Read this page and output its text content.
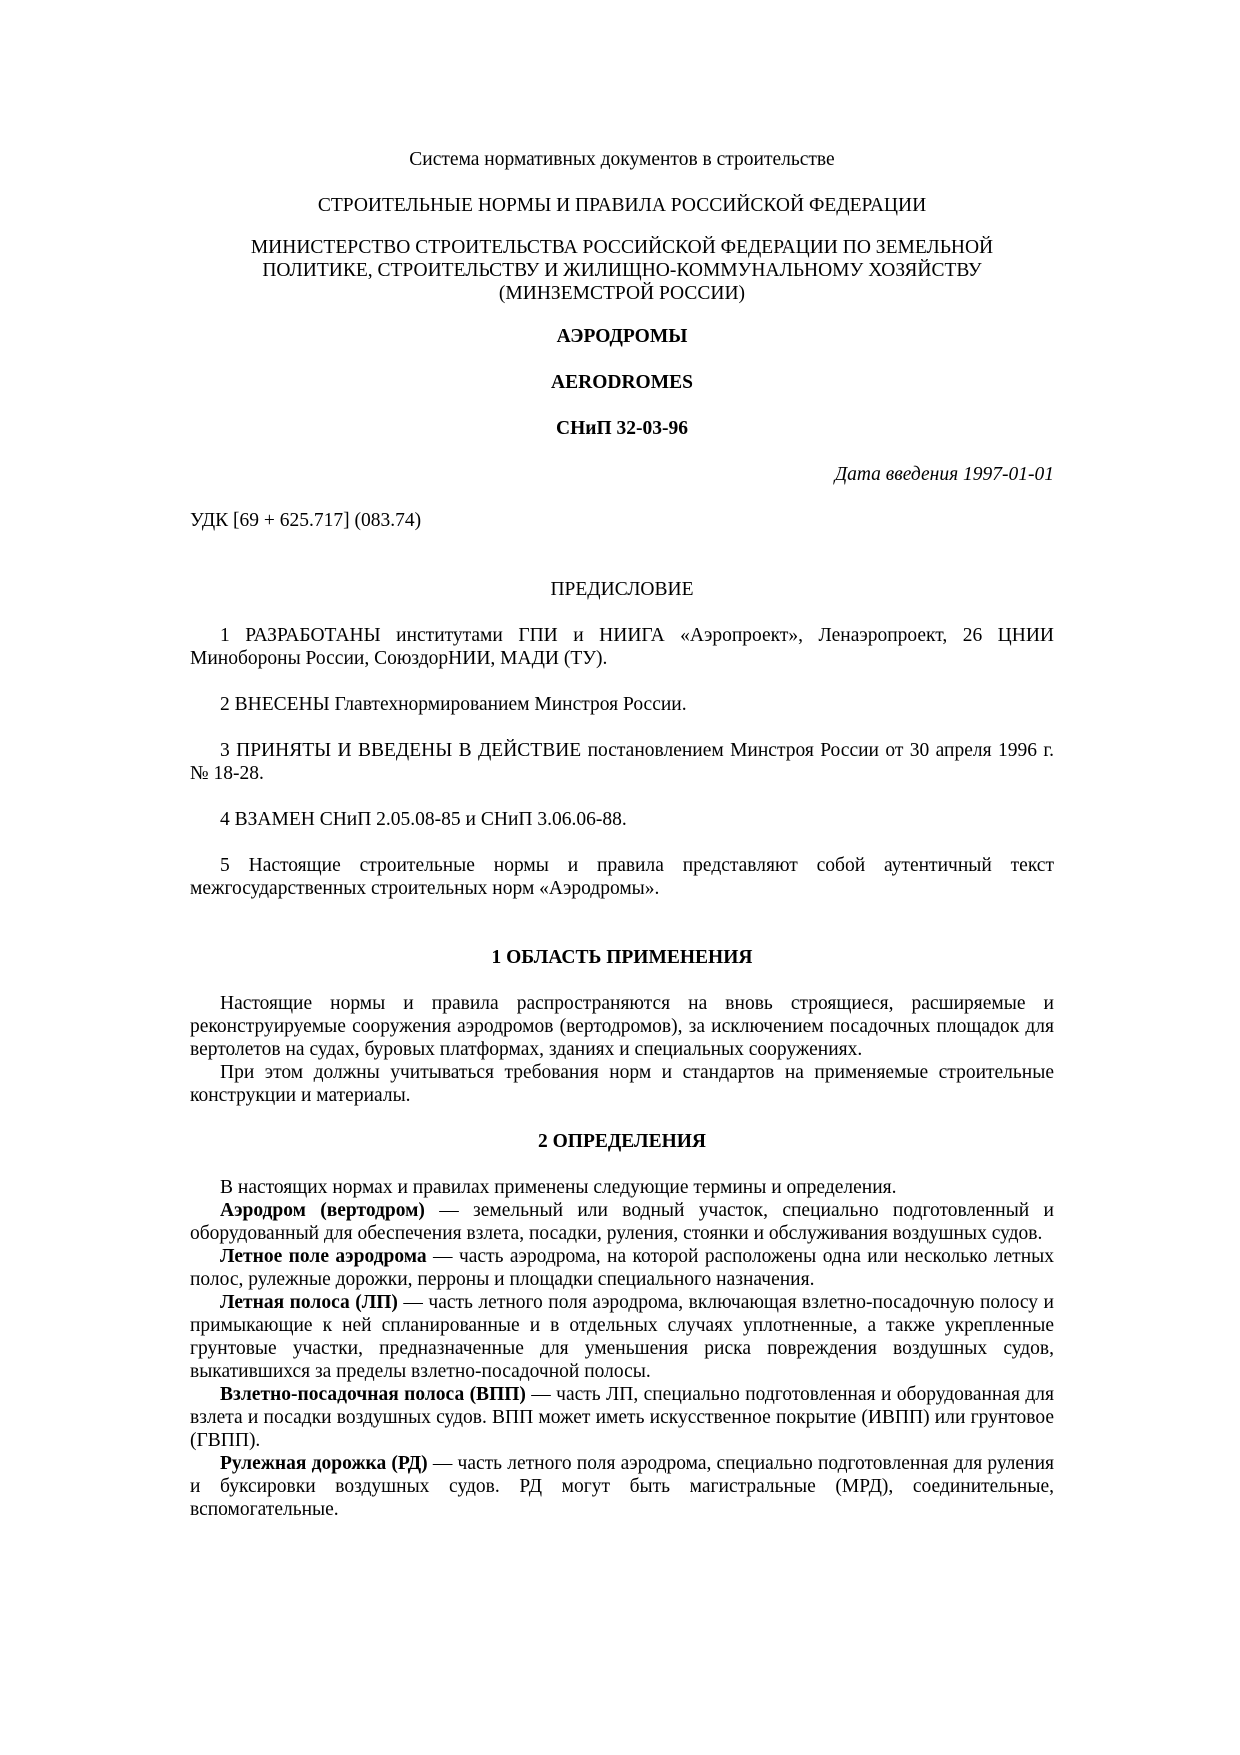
Система нормативных документов в строительстве

СТРОИТЕЛЬНЫЕ НОРМЫ И ПРАВИЛА РОССИЙСКОЙ ФЕДЕРАЦИИ

МИНИСТЕРСТВО СТРОИТЕЛЬСТВА РОССИЙСКОЙ ФЕДЕРАЦИИ ПО ЗЕМЕЛЬНОЙ

ПОЛИТИКЕ, СТРОИТЕЛЬСТВУ И ЖИЛИЩНО-КОММУНАЛЬНОМУ ХОЗЯЙСТВУ

(МИНЗЕМСТРОЙ РОССИИ)

АЭРОДРОМЫ

AERODROMES

СНиП 32-03-96

Дата введения 1997-01-01

УДК [69 + 625.717] (083.74)

ПРЕДИСЛОВИЕ

1 РАЗРАБОТАНЫ институтами ГПИ и НИИГА «Аэропроект», Ленаэропроект, 26 ЦНИИ Минобороны России, СоюздорНИИ, МАДИ (ТУ).

2 ВНЕСЕНЫ Главтехнормированием Минстроя России.

3 ПРИНЯТЫ И ВВЕДЕНЫ В ДЕЙСТВИЕ постановлением Минстроя России от 30 апреля 1996 г. № 18-28.

4 ВЗАМЕН СНиП 2.05.08-85 и СНиП 3.06.06-88.

5 Настоящие строительные нормы и правила представляют собой аутентичный текст межгосударственных строительных норм «Аэродромы».

1 ОБЛАСТЬ ПРИМЕНЕНИЯ

Настоящие нормы и правила распространяются на вновь строящиеся, расширяемые и реконструируемые сооружения аэродромов (вертодромов), за исключением посадочных площадок для вертолетов на судах, буровых платформах, зданиях и специальных сооружениях.

При этом должны учитываться требования норм и стандартов на применяемые строительные конструкции и материалы.

2 ОПРЕДЕЛЕНИЯ

В настоящих нормах и правилах применены следующие термины и определения.

Аэродром (вертодром) — земельный или водный участок, специально подготовленный и оборудованный для обеспечения взлета, посадки, руления, стоянки и обслуживания воздушных судов.

Летное поле аэродрома — часть аэродрома, на которой расположены одна или несколько летных полос, рулежные дорожки, перроны и площадки специального назначения.

Летная полоса (ЛП) — часть летного поля аэродрома, включающая взлетно-посадочную полосу и примыкающие к ней спланированные и в отдельных случаях уплотненные, а также укрепленные грунтовые участки, предназначенные для уменьшения риска повреждения воздушных судов, выкатившихся за пределы взлетно-посадочной полосы.

Взлетно-посадочная полоса (ВПП) — часть ЛП, специально подготовленная и оборудованная для взлета и посадки воздушных судов. ВПП может иметь искусственное покрытие (ИВПП) или грунтовое (ГВПП).

Рулежная дорожка (РД) — часть летного поля аэродрома, специально подготовленная для руления и буксировки воздушных судов. РД могут быть магистральные (МРД), соединительные, вспомогательные.
